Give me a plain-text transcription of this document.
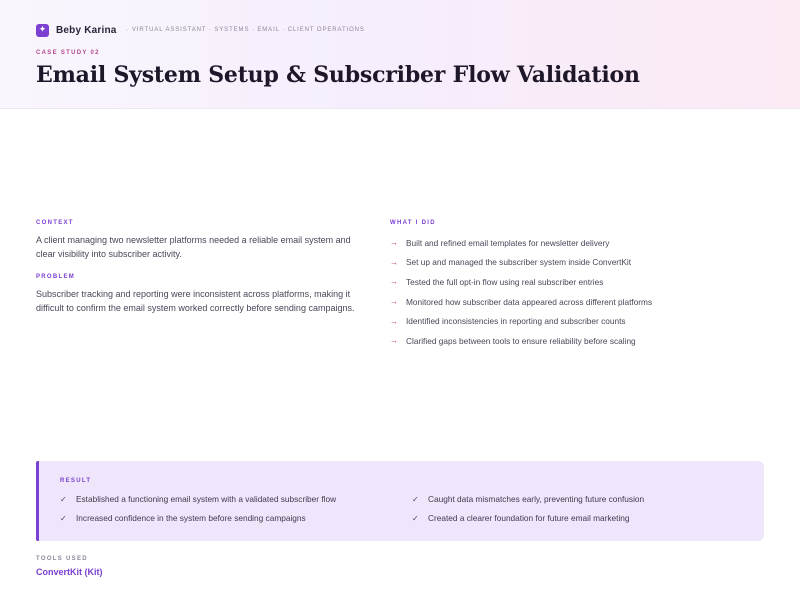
✦ Beby Karina · VIRTUAL ASSISTANT · SYSTEMS · EMAIL · CLIENT OPERATIONS
CASE STUDY 02
Email System Setup & Subscriber Flow Validation
CONTEXT

A client managing two newsletter platforms needed a reliable email system and clear visibility into subscriber activity.

PROBLEM

Subscriber tracking and reporting were inconsistent across platforms, making it difficult to confirm the email system worked correctly before sending campaigns.

WHAT I DID
→ Built and refined email templates for newsletter delivery
→ Set up and managed the subscriber system inside ConvertKit
→ Tested the full opt-in flow using real subscriber entries
→ Monitored how subscriber data appeared across different platforms
→ Identified inconsistencies in reporting and subscriber counts
→ Clarified gaps between tools to ensure reliability before scaling
RESULT
✓	Established a functioning email system with a validated subscriber flow	✓	Caught data mismatches early, preventing future confusion
✓	Increased confidence in the system before sending campaigns	✓	Created a clearer foundation for future email marketing
TOOLS USED
ConvertKit (Kit)
